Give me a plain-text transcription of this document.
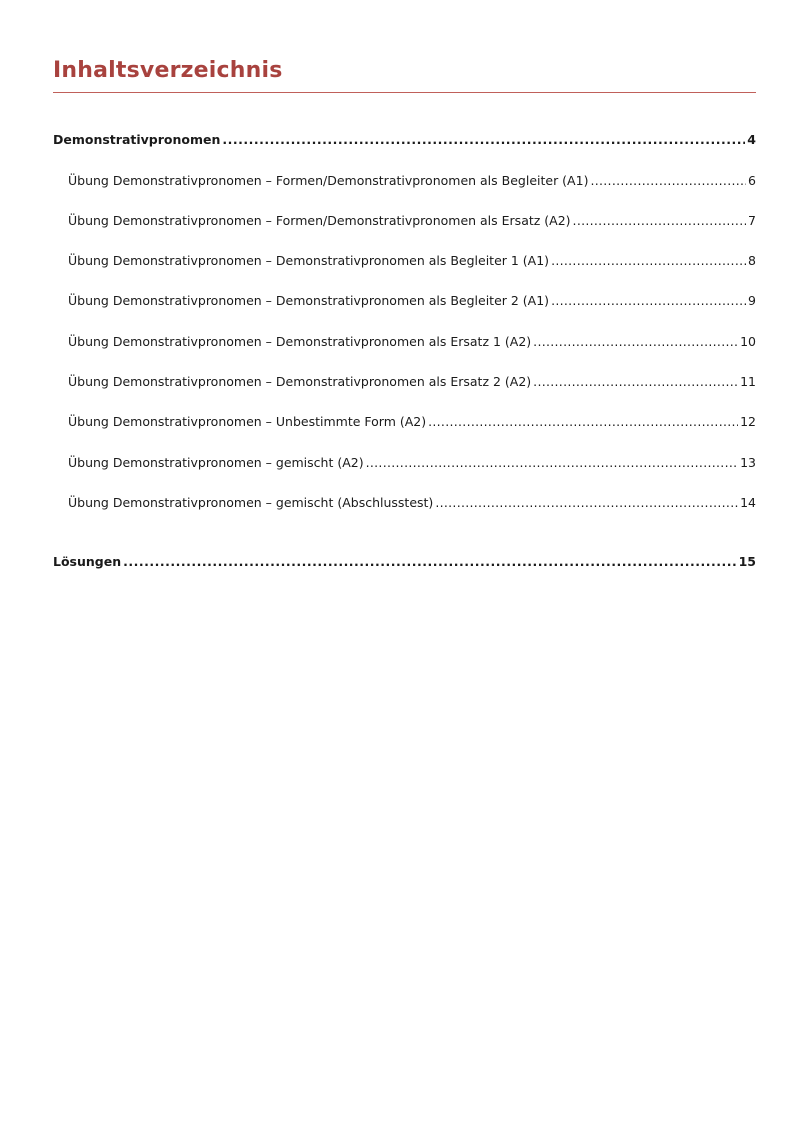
Inhaltsverzeichnis
Demonstrativpronomen .....	4
Übung Demonstrativpronomen – Formen/Demonstrativpronomen als Begleiter (A1) .....	6
Übung Demonstrativpronomen – Formen/Demonstrativpronomen als Ersatz (A2) .....	7
Übung Demonstrativpronomen – Demonstrativpronomen als Begleiter 1 (A1) .....	8
Übung Demonstrativpronomen – Demonstrativpronomen als Begleiter 2 (A1) .....	9
Übung Demonstrativpronomen – Demonstrativpronomen als Ersatz 1 (A2) .....	10
Übung Demonstrativpronomen – Demonstrativpronomen als Ersatz 2 (A2) .....	11
Übung Demonstrativpronomen – Unbestimmte Form (A2) .....	12
Übung Demonstrativpronomen – gemischt (A2) .....	13
Übung Demonstrativpronomen – gemischt (Abschlusstest) .....	14
Lösungen .....	15
